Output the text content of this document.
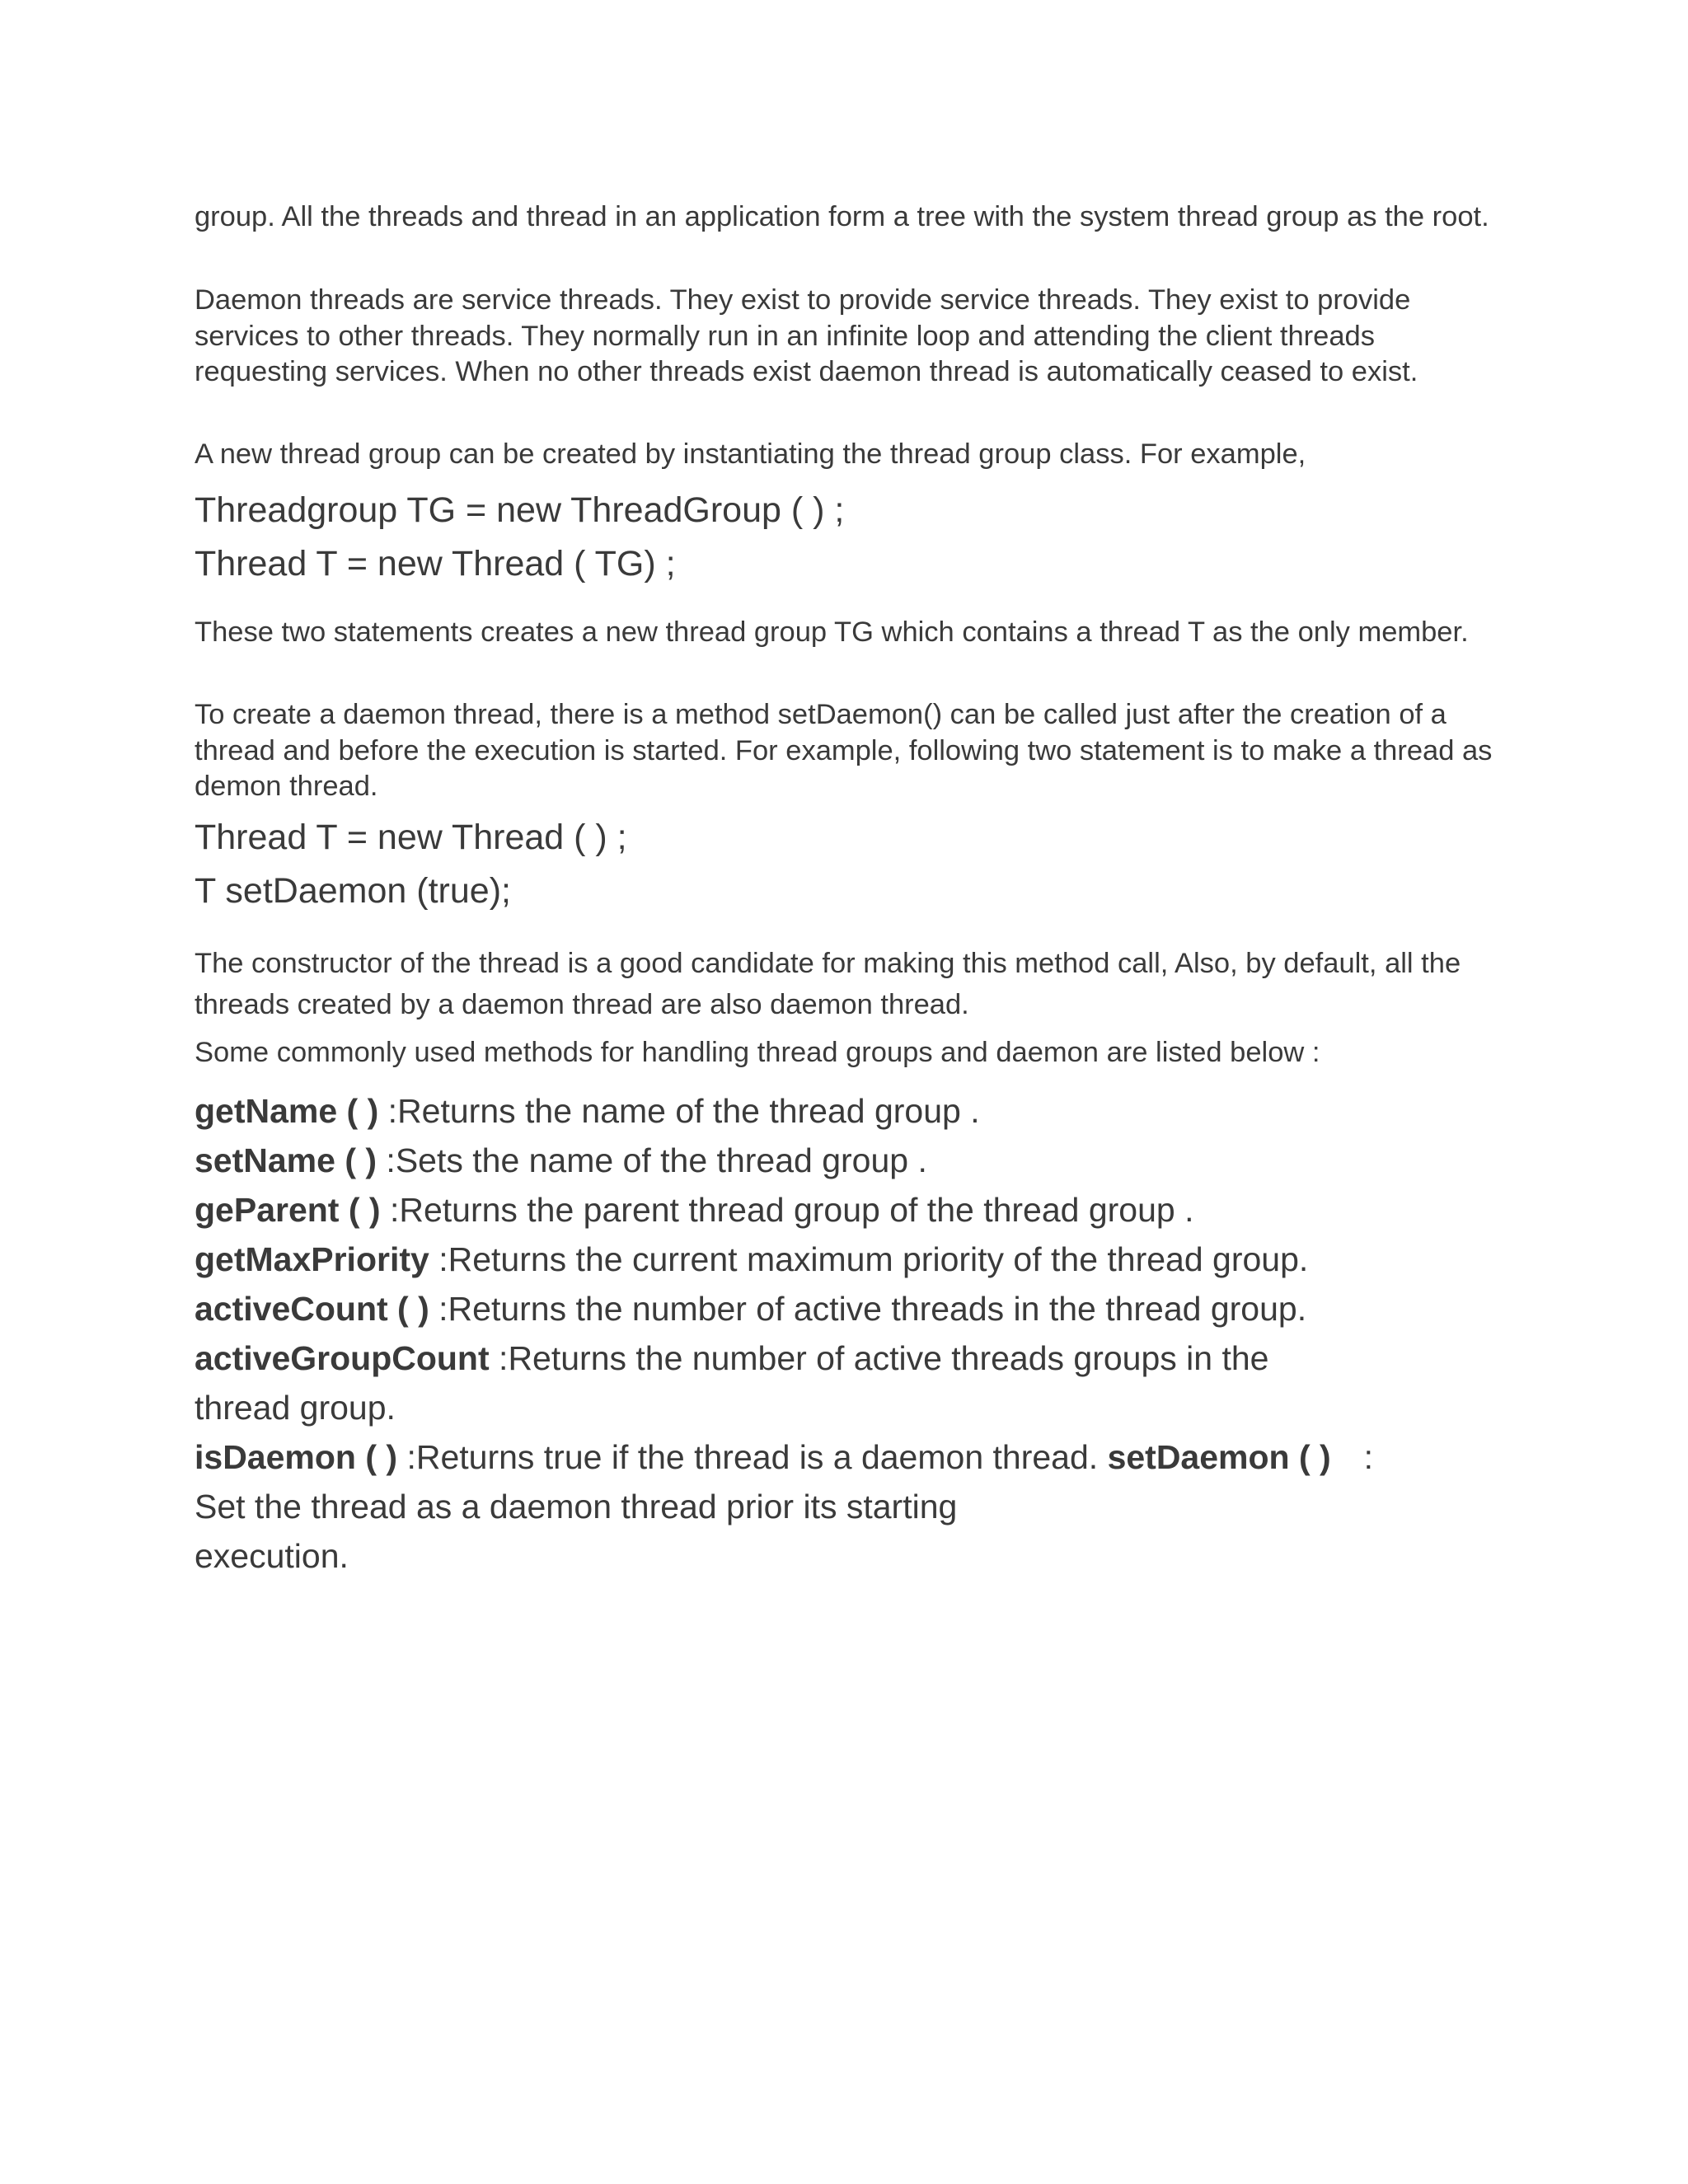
group. All the threads and thread in an application form a tree with the system thread group as the root.

Daemon threads are service threads. They exist to provide service threads. They exist to provide services to other threads. They normally run in an infinite loop and attending the client threads requesting services. When no other threads exist daemon thread is automatically ceased to exist.

A new thread group can be created by instantiating the thread group class. For example,

Threadgroup TG = new ThreadGroup ( ) ;
Thread T = new Thread ( TG) ;

These two statements creates a new thread group TG which contains a thread T as the only member.

To create a daemon thread, there is a method setDaemon() can be called just after the creation of a thread and before the execution is started. For example, following two statement is to make a thread as demon thread.

Thread T = new Thread ( ) ;
T setDaemon (true);

The constructor of the thread is a good candidate for making this method call, Also, by default, all the threads created by a daemon thread are also daemon thread.

Some commonly used methods for handling thread groups and daemon are listed below :

getName ( ) :Returns the name of the thread group .
setName ( ) :Sets the name of the thread group .
geParent ( ) :Returns the parent thread group of the thread group .
getMaxPriority :Returns the current maximum priority of the thread group.
activeCount ( ) :Returns the number of active threads in the thread group.
activeGroupCount :Returns the number of active threads groups in the thread group.
isDaemon ( ) :Returns true if the thread is a daemon thread. setDaemon ( ) :
Set the thread as a daemon thread prior its starting
execution.
